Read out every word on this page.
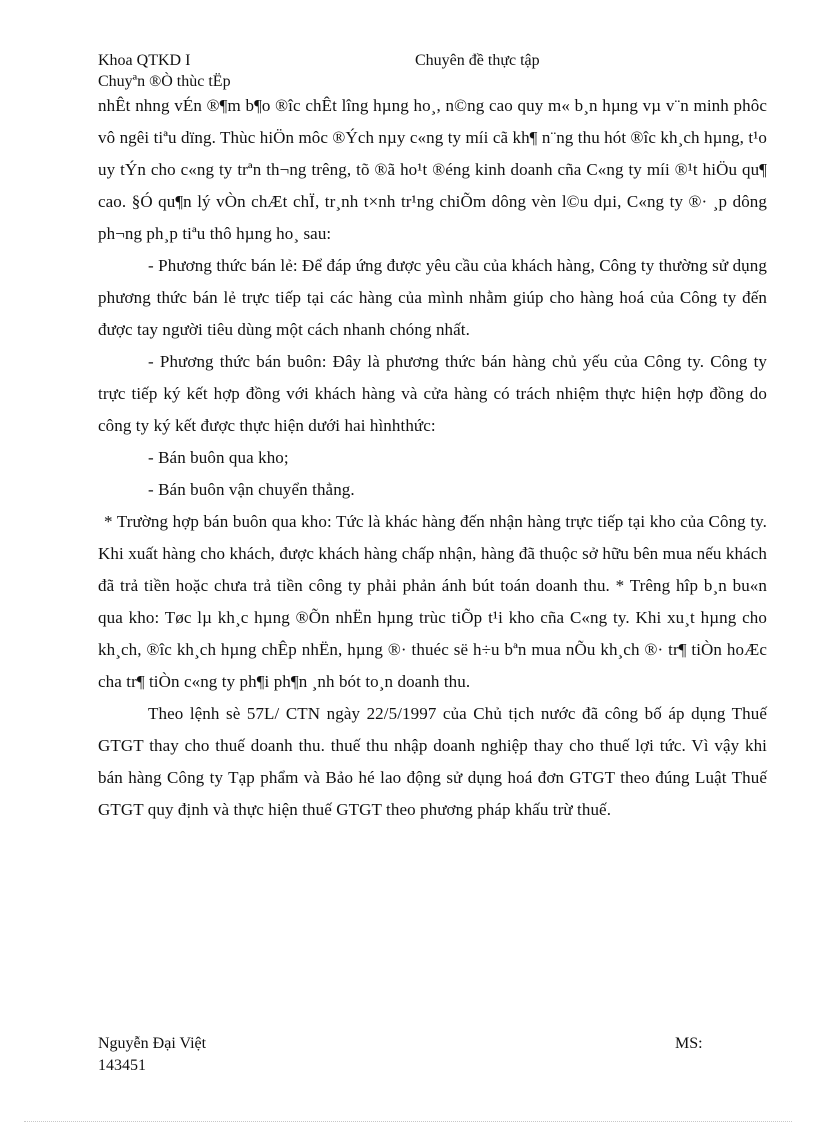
Khoa QTKD I	Chuyên đề thực tập
Chuyªn ®Ò thùc tËp

nhÊt nhng vÉn ®¶m b¶o ®îc chÊt lîng hµng ho¸, n©ng cao quy m« b¸n hµng vµ v¨n minh phôc vô ngêi tiªu dïng. Thùc hiÖn môc ®Ých nµy c«ng ty míi cã kh¶ n¨ng thu hót ®îc kh¸ch hµng, t¹o uy tÝn cho c«ng ty trªn th¬ng trêng, tõ ®ã ho¹t ®éng kinh doanh cña C«ng ty míi ®¹t hiÖu qu¶ cao. §Ó qu¶n lý vÒn chÆt chÏ, tr¸nh t×nh tr¹ng chiÕm dông vèn l©u dµi, C«ng ty ®· ¸p dông ph¬ng ph¸p tiªu thô hµng ho¸ sau:

- Phương thức bán lẻ: Để đáp ứng được yêu cầu của khách hàng, Công ty thường sử dụng phương thức bán lẻ trực tiếp tại các hàng của mình nhằm giúp cho hàng hoá của Công ty đến được tay người tiêu dùng một cách nhanh chóng nhất.

- Phương thức bán buôn: Đây là phương thức bán hàng chủ yếu của Công ty. Công ty trực tiếp ký kết hợp đồng với khách hàng và cửa hàng có trách nhiệm thực hiện hợp đồng do công ty ký kết được thực hiện dưới hai hìnhthức:

- Bán buôn qua kho;

- Bán buôn vận chuyển thẳng.

* Trường hợp bán buôn qua kho: Tức là khác hàng đến nhận hàng trực tiếp tại kho của Công ty. Khi xuất hàng cho khách, được khách hàng chấp nhận, hàng đã thuộc sở hữu bên mua nếu khách đã trả tiền hoặc chưa trả tiền công ty phải phản ánh bút toán doanh thu. * Trêng hîp b¸n bu«n qua kho: Tøc lµ kh¸c hµng ®Õn nhËn hµng trùc tiÕp t¹i kho cña C«ng ty. Khi xu¸t hµng cho kh¸ch, ®îc kh¸ch hµng chÊp nhËn, hµng ®· thuéc së h÷u bªn mua nÕu kh¸ch ®· tr¶ tiÒn hoÆc cha tr¶ tiÒn c«ng ty ph¶i ph¶n ¸nh bót to¸n doanh thu.

Theo lệnh sè 57L/ CTN ngày 22/5/1997 của Chủ tịch nước đã công bố áp dụng Thuế GTGT thay cho thuế doanh thu. thuế thu nhập doanh nghiệp thay cho thuế lợi tức. Vì vậy khi bán hàng Công ty Tạp phẩm và Bảo hé lao động sử dụng hoá đơn GTGT theo đúng Luật Thuế GTGT quy định và thực hiện thuế GTGT theo phương pháp khấu trừ thuế.

Nguyễn Đại Việt	MS:
143451
